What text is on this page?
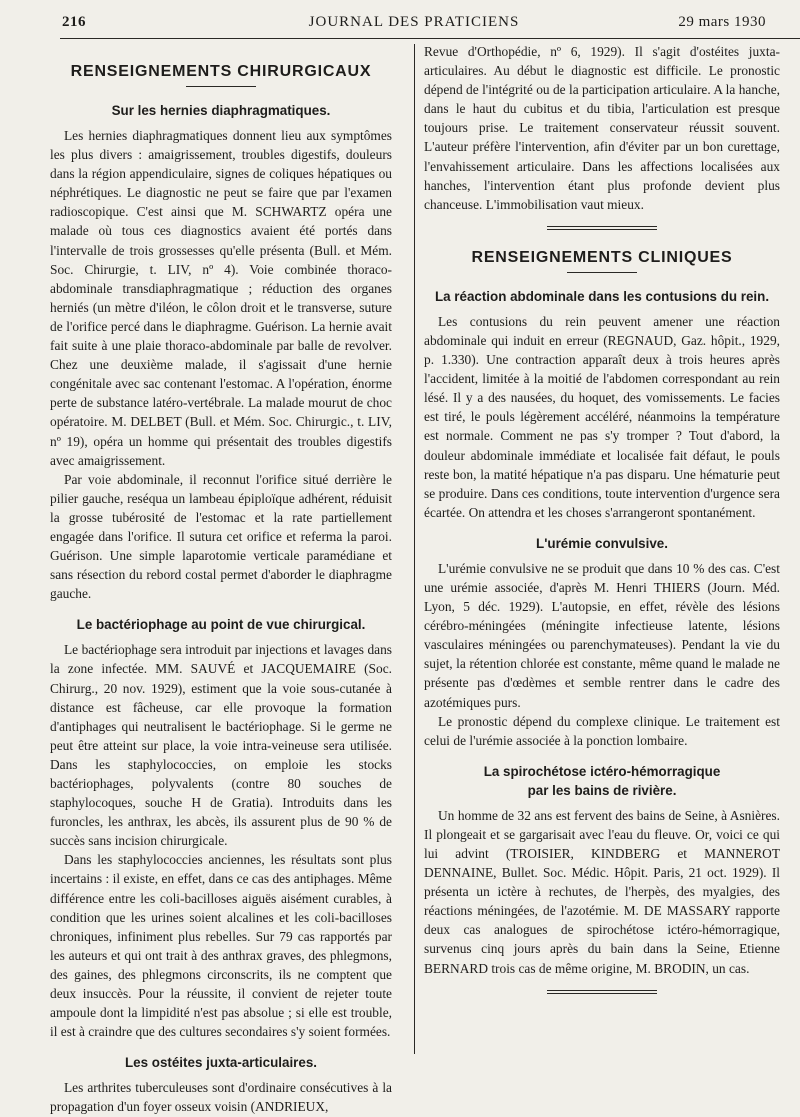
216	JOURNAL DES PRATICIENS	29 mars 1930
RENSEIGNEMENTS CHIRURGICAUX
Sur les hernies diaphragmatiques.

Les hernies diaphragmatiques donnent lieu aux symptômes les plus divers : amaigrissement, troubles digestifs, douleurs dans la région appendiculaire, signes de coliques hépatiques ou néphrétiques. Le diagnostic ne peut se faire que par l'examen radioscopique. C'est ainsi que M. SCHWARTZ opéra une malade où tous ces diagnostics avaient été portés dans l'intervalle de trois grossesses qu'elle présenta (Bull. et Mém. Soc. Chirurgie, t. LIV, nº 4). Voie combinée thoraco-abdominale transdiaphragmatique ; réduction des organes herniés (un mètre d'iléon, le côlon droit et le transverse, suture de l'orifice percé dans le diaphragme. Guérison. La hernie avait fait suite à une plaie thoraco-abdominale par balle de revolver. Chez une deuxième malade, il s'agissait d'une hernie congénitale avec sac contenant l'estomac. A l'opération, énorme perte de substance latéro-vertébrale. La malade mourut de choc opératoire. M. DELBET (Bull. et Mém. Soc. Chirurgic., t. LIV, nº 19), opéra un homme qui présentait des troubles digestifs avec amaigrissement.

Par voie abdominale, il reconnut l'orifice situé derrière le pilier gauche, reséqua un lambeau épiploïque adhérent, réduisit la grosse tubérosité de l'estomac et la rate partiellement engagée dans l'orifice. Il sutura cet orifice et referma la paroi. Guérison. Une simple laparotomie verticale paramédiane et sans résection du rebord costal permet d'aborder le diaphragme gauche.

Le bactériophage au point de vue chirurgical.

Le bactériophage sera introduit par injections et lavages dans la zone infectée. MM. SAUVÉ et JACQUEMAIRE (Soc. Chirurg., 20 nov. 1929), estiment que la voie sous-cutanée à distance est fâcheuse, car elle provoque la formation d'antiphages qui neutralisent le bactériophage. Si le germe ne peut être atteint sur place, la voie intra-veineuse sera utilisée. Dans les staphylococcies, on emploie les stocks bactériophages, polyvalents (contre 80 souches de staphylocoques, souche H de Gratia). Introduits dans les furoncles, les anthrax, les abcès, ils assurent plus de 90 % de succès sans incision chirurgicale.

Dans les staphylococcies anciennes, les résultats sont plus incertains : il existe, en effet, dans ce cas des antiphages. Même différence entre les coli-bacilloses aiguës aisément curables, à condition que les urines soient alcalines et les coli-bacilloses chroniques, infiniment plus rebelles. Sur 79 cas rapportés par les auteurs et qui ont trait à des anthrax graves, des phlegmons, des gaines, des phlegmons circonscrits, ils ne comptent que deux insuccès. Pour la réussite, il convient de rejeter toute ampoule dont la limpidité n'est pas absolue ; si elle est trouble, il est à craindre que des cultures secondaires s'y soient formées.

Les ostéites juxta-articulaires.

Les arthrites tuberculeuses sont d'ordinaire consécutives à la propagation d'un foyer osseux voisin (ANDRIEUX,

Revue d'Orthopédie, nº 6, 1929). Il s'agit d'ostéites juxta-articulaires. Au début le diagnostic est difficile. Le pronostic dépend de l'intégrité ou de la participation articulaire. A la hanche, dans le haut du cubitus et du tibia, l'articulation est presque toujours prise. Le traitement conservateur réussit souvent. L'auteur préfère l'intervention, afin d'éviter par un bon curettage, l'envahissement articulaire. Dans les affections localisées aux hanches, l'intervention étant plus profonde devient plus chanceuse. L'immobilisation vaut mieux.

RENSEIGNEMENTS CLINIQUES
La réaction abdominale dans les contusions du rein.

Les contusions du rein peuvent amener une réaction abdominale qui induit en erreur (REGNAUD, Gaz. hôpit., 1929, p. 1.330). Une contraction apparaît deux à trois heures après l'accident, limitée à la moitié de l'abdomen correspondant au rein lésé. Il y a des nausées, du hoquet, des vomissements. Le facies est tiré, le pouls légèrement accéléré, néanmoins la température est normale. Comment ne pas s'y tromper ? Tout d'abord, la douleur abdominale immédiate et localisée fait défaut, le pouls reste bon, la matité hépatique n'a pas disparu. Une hématurie peut se produire. Dans ces conditions, toute intervention d'urgence sera écartée. On attendra et les choses s'arrangeront spontanément.

L'urémie convulsive.

L'urémie convulsive ne se produit que dans 10 % des cas. C'est une urémie associée, d'après M. Henri THIERS (Journ. Méd. Lyon, 5 déc. 1929). L'autopsie, en effet, révèle des lésions cérébro-méningées (méningite infectieuse latente, lésions vasculaires méningées ou parenchymateuses). Pendant la vie du sujet, la rétention chlorée est constante, même quand le malade ne présente pas d'œdèmes et semble rentrer dans le cadre des azotémiques purs.

Le pronostic dépend du complexe clinique. Le traitement est celui de l'urémie associée à la ponction lombaire.

La spirochétose ictéro-hémorragique
par les bains de rivière.

Un homme de 32 ans est fervent des bains de Seine, à Asnières. Il plongeait et se gargarisait avec l'eau du fleuve. Or, voici ce qui lui advint (TROISIER, KINDBERG et MANNEROT DENNAINE, Bullet. Soc. Médic. Hôpit. Paris, 21 oct. 1929). Il présenta un ictère à rechutes, de l'herpès, des myalgies, des réactions méningées, de l'azotémie. M. DE MASSARY rapporte deux cas analogues de spirochétose ictéro-hémorragique, survenus cinq jours après du bain dans la Seine, Etienne BERNARD trois cas de même origine, M. BRODIN, un cas.
